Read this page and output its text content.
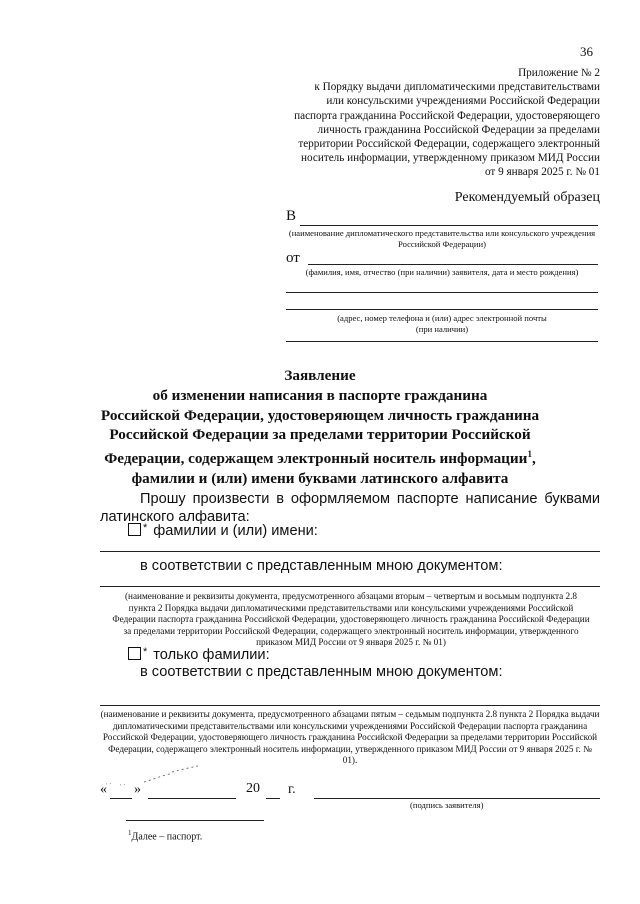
36
Приложение № 2
к Порядку выдачи дипломатическими представительствами
или консульскими учреждениями Российской Федерации
паспорта гражданина Российской Федерации, удостоверяющего
личность гражданина Российской Федерации за пределами
территории Российской Федерации, содержащего электронный
носитель информации, утвержденному приказом МИД России
от 9 января 2025 г. № 01
Рекомендуемый образец
В
(наименование дипломатического представительства или консульского учреждения Российской Федерации)
от
(фамилия, имя, отчество (при наличии) заявителя, дата и место рождения)
(адрес, номер телефона и (или) адрес электронной почты
(при наличии)
Заявление
об изменении написания в паспорте гражданина
Российской Федерации, удостоверяющем личность гражданина
Российской Федерации за пределами территории Российской
Федерации, содержащем электронный носитель информации$^1$,
фамилии и (или) имени буквами латинского алфавита
Прошу произвести в оформляемом паспорте написание буквами
латинского алфавита:
* фамилии и (или) имени:
в соответствии с представленным мною документом:
(наименование и реквизиты документа, предусмотренного абзацами вторым – четвертым и восьмым подпункта 2.8 пункта 2 Порядка выдачи дипломатическими представительствами или консульскими учреждениями Российской Федерации паспорта гражданина Российской Федерации, удостоверяющего личность гражданина Российской Федерации за пределами территории Российской Федерации, содержащего электронный носитель информации, утвержденного приказом МИД России от 9 января 2025 г. № 01)
* только фамилии:
в соответствии с представленным мною документом:
(наименование и реквизиты документа, предусмотренного абзацами пятым – седьмым подпункта 2.8 пункта 2 Порядка выдачи дипломатическими представительствами или консульскими учреждениями Российской Федерации паспорта гражданина Российской Федерации, удостоверяющего личность гражданина Российской Федерации за пределами территории Российской Федерации, содержащего электронный носитель информации, утвержденного приказом МИД России от 9 января 2025 г. № 01).
« »	20 г.
(подпись заявителя)
$^1$Далее – паспорт.
